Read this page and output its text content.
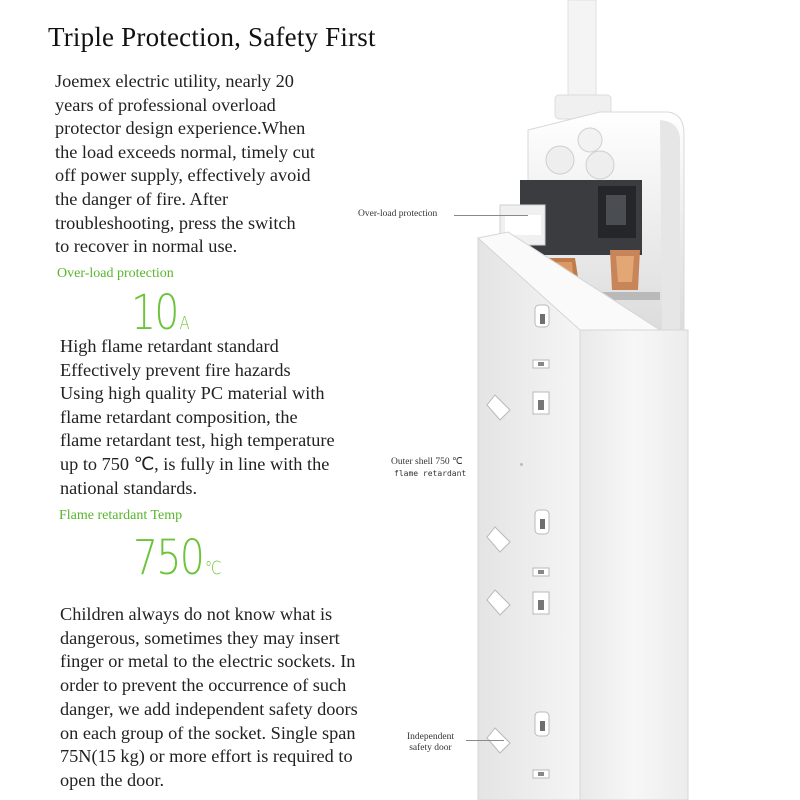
Triple Protection, Safety First
Joemex electric utility, nearly 20
years of professional overload
protector design experience.When
the load exceeds normal, timely cut
off power supply, effectively avoid
the danger of fire. After
troubleshooting, press the switch
to recover in normal use.
Over-load protection
10A
High flame retardant standard
Effectively prevent fire hazards
Using high quality PC material with
flame retardant composition, the
flame retardant test, high temperature
up to 750 ℃, is fully in line with the
national standards.
Flame retardant Temp
750℃
Children always do not know what is
dangerous, sometimes they may insert
finger or metal to the electric sockets. In
order to prevent the occurrence of such
danger, we add independent safety doors
on each group of the socket. Single span
75N(15 kg) or more effort is required to
open the door.
Over-load protection
Outer shell 750 ℃
flame retardant
Independent
safety door
